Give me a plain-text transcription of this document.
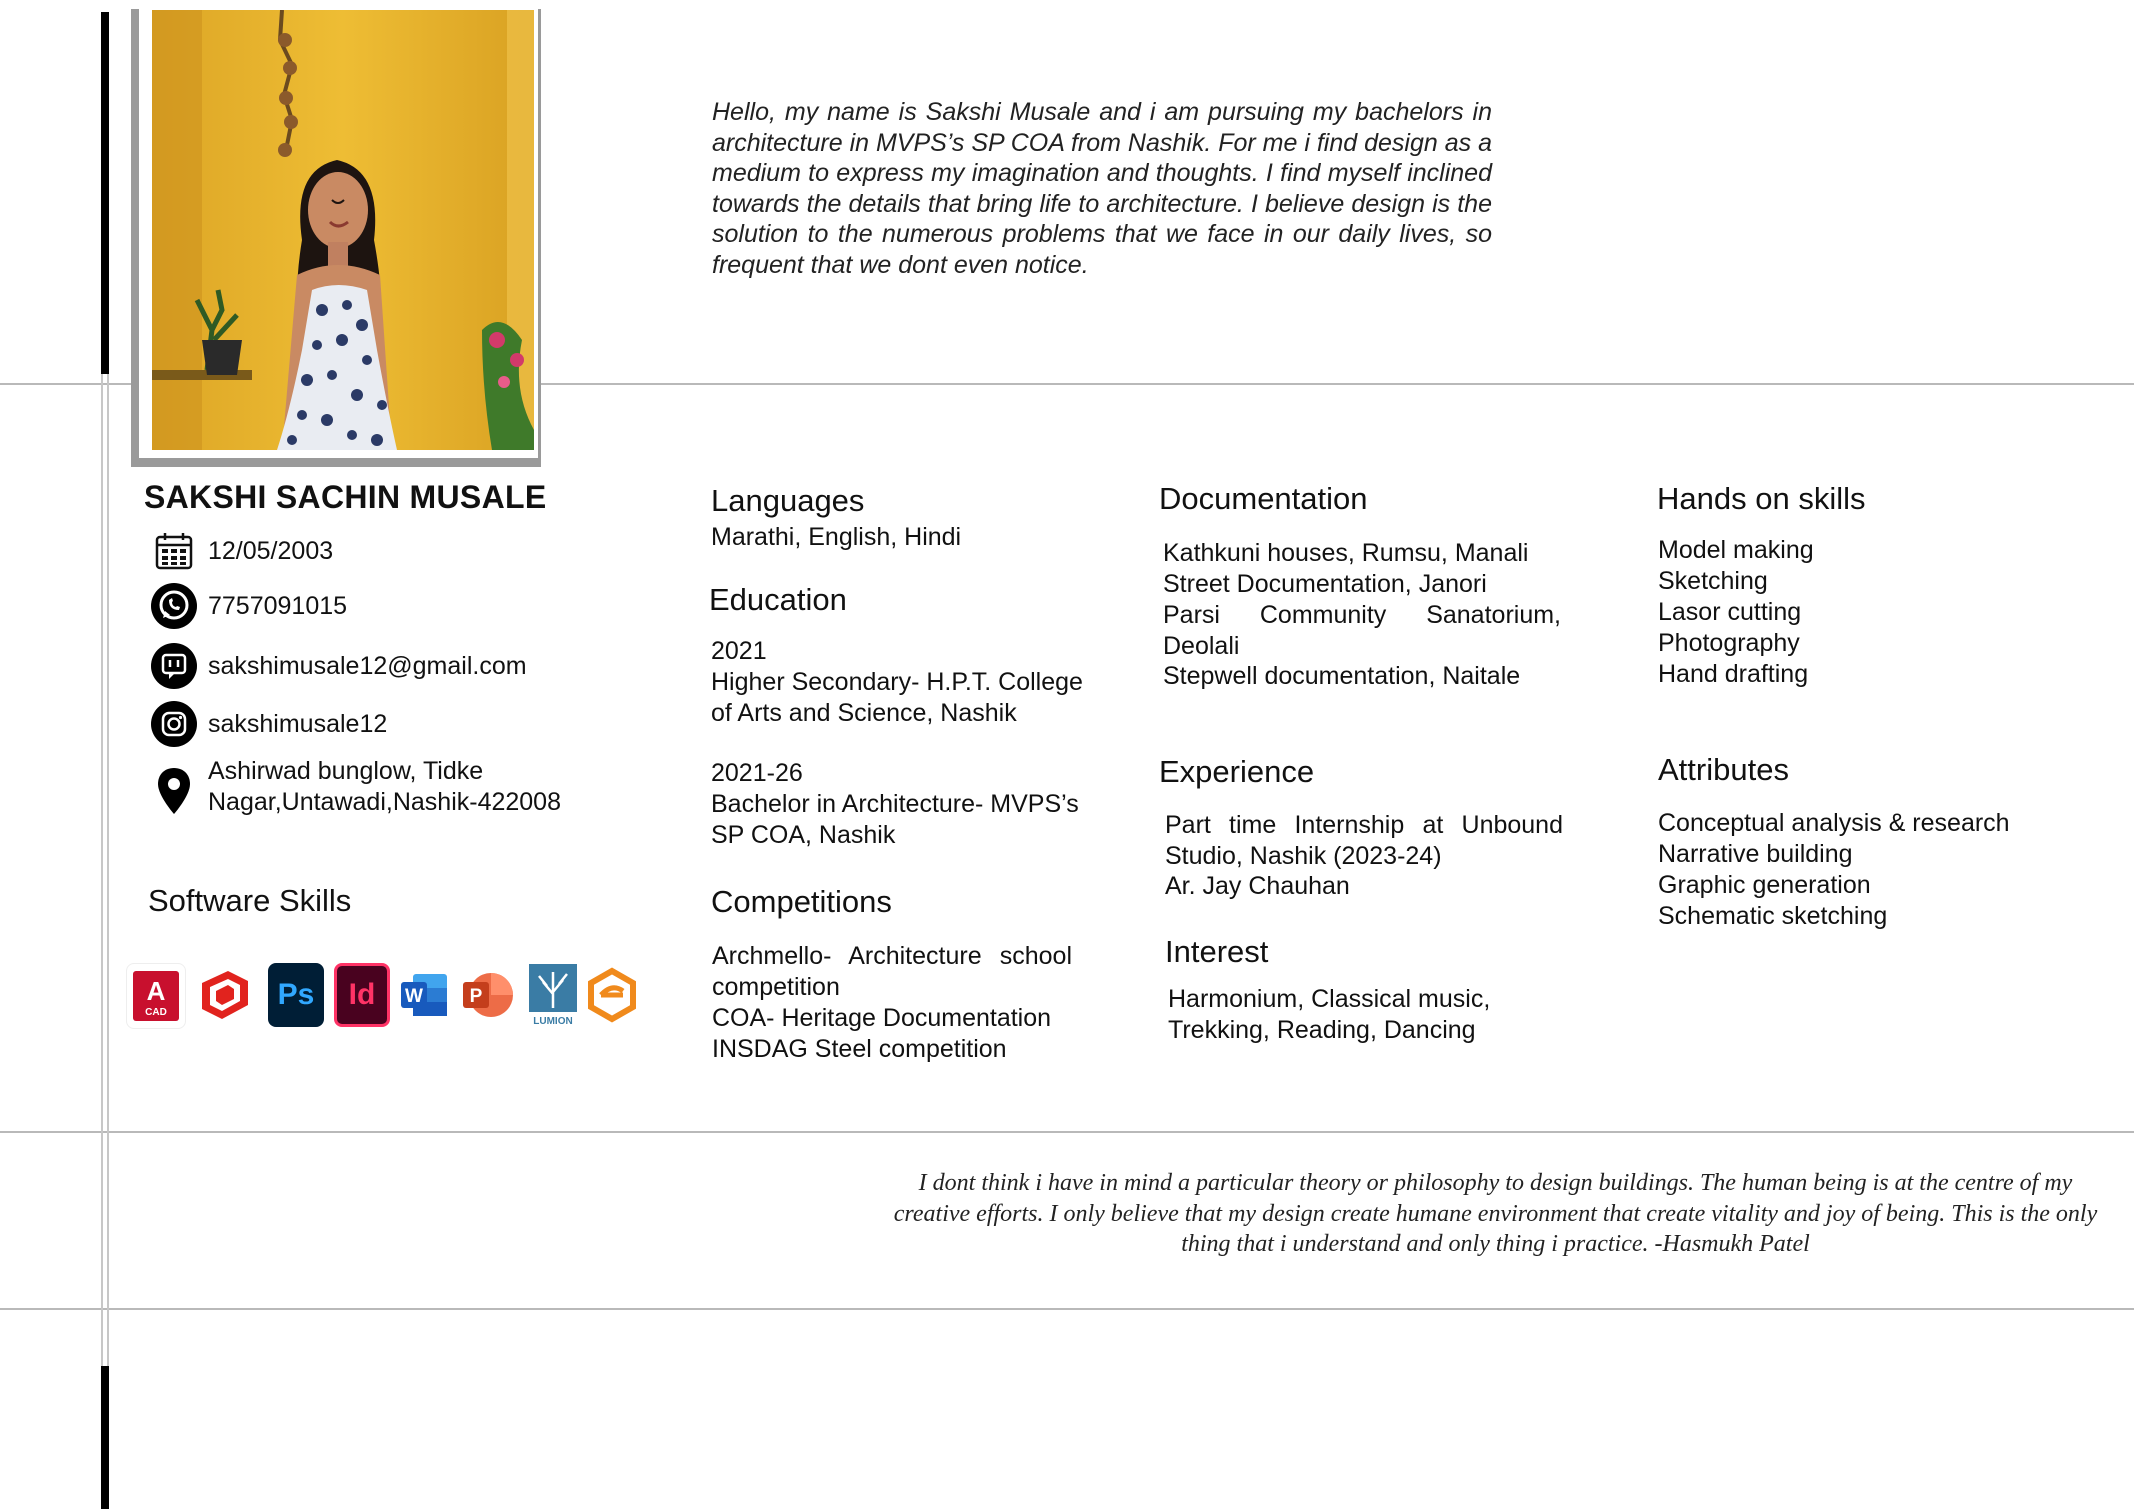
Hello, my name is Sakshi Musale and i am pursuing my bachelors in architecture in MVPS’s SP COA from Nashik. For me i find design as a medium to express my imagination and thoughts. I find myself inclined towards the details that bring life to architecture. I believe design is the solution to the numerous problems that we face in our daily lives, so frequent that we dont even notice.
SAKSHI SACHIN MUSALE
12/05/2003
7757091015
sakshimusale12@gmail.com
sakshimusale12
Ashirwad bunglow, Tidke
Nagar,Untawadi,Nashik-422008
Software Skills
A
CAD
Ps	Id	W P
LUMION
Languages
Marathi, English, Hindi
Education
2021
Higher Secondary- H.P.T. College
of Arts and Science, Nashik
2021-26
Bachelor in Architecture- MVPS’s
SP COA, Nashik
Competitions
Archmello- Architecture school competition
COA- Heritage Documentation
INSDAG Steel competition
Documentation
Kathkuni houses, Rumsu, Manali
Street Documentation, Janori
Parsi Community Sanatorium, Deolali
Stepwell documentation, Naitale
Experience
Part time Internship at Unbound Studio, Nashik (2023-24)
Ar. Jay Chauhan
Interest
Harmonium, Classical music,
Trekking, Reading, Dancing
Hands on skills
Model making
Sketching
Lasor cutting
Photography
Hand drafting
Attributes
Conceptual analysis & research
Narrative building
Graphic generation
Schematic sketching
I dont think i have in mind a particular theory or philosophy to design buildings. The human being is at the centre of my creative efforts. I only believe that my design create humane environment that create vitality and joy of being. This is the only thing that i understand and only thing i practice. -Hasmukh Patel
